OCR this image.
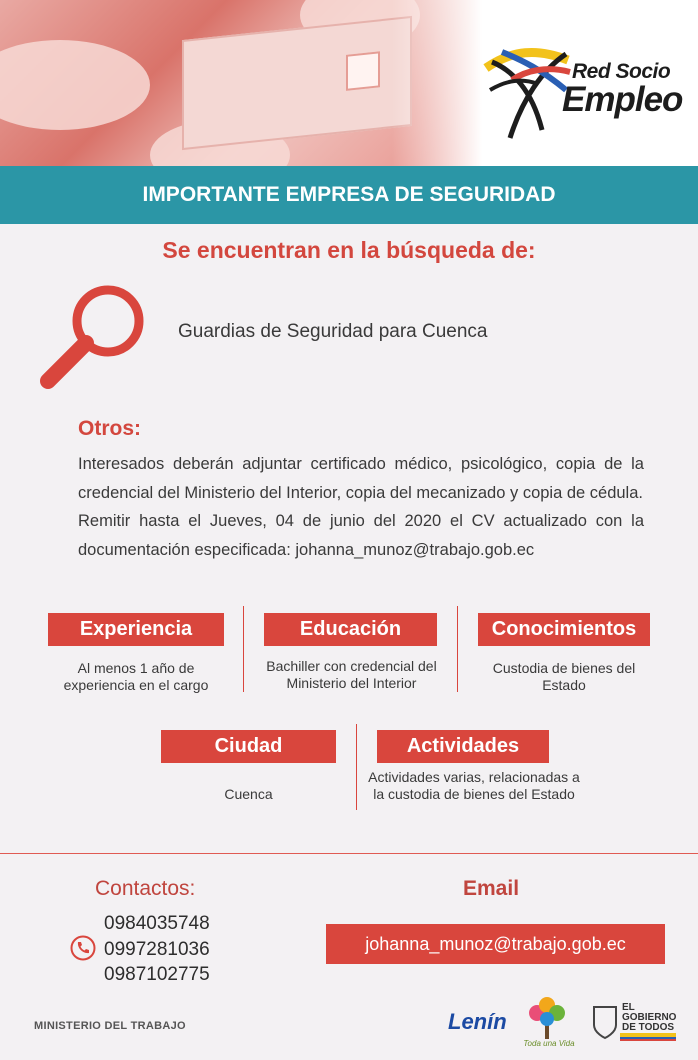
Red Socio
Empleo
IMPORTANTE EMPRESA DE SEGURIDAD
Se encuentran en la búsqueda de:
Guardias de Seguridad para Cuenca
Otros:

Interesados deberán adjuntar certificado médico, psicológico, copia de la credencial del Ministerio del Interior, copia del mecanizado y copia de cédula.

Remitir hasta el Jueves, 04 de junio del 2020 el CV actualizado con la documentación especificada: johanna_munoz@trabajo.gob.ec

Experiencia
Al menos 1 año de experiencia en el cargo
Educación
Bachiller con credencial del Ministerio del Interior
Conocimientos
Custodia de bienes del Estado
Ciudad
Cuenca
Actividades
Actividades varias, relacionadas a la custodia de bienes del Estado
Contactos:
0984035748
0997281036
0987102775
Email
johanna_munoz@trabajo.gob.ec
MINISTERIO DEL TRABAJO	Lenín
Toda una Vida
EL
GOBIERNO
DE TODOS
